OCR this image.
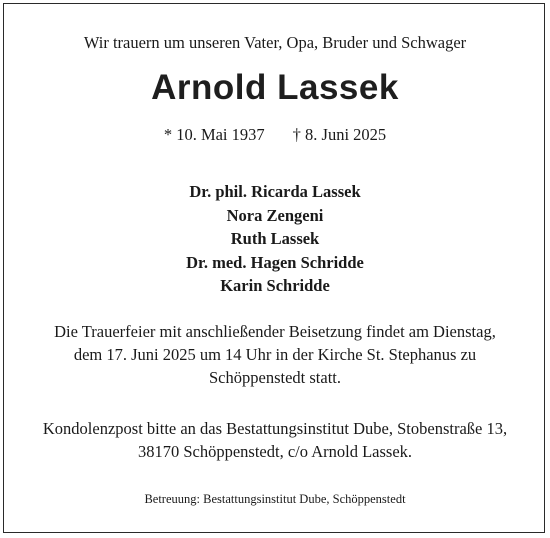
Wir trauern um unseren Vater, Opa, Bruder und Schwager
Arnold Lassek
* 10. Mai 1937 † 8. Juni 2025
Dr. phil. Ricarda Lassek
Nora Zengeni
Ruth Lassek
Dr. med. Hagen Schridde
Karin Schridde
Die Trauerfeier mit anschließender Beisetzung findet am Dienstag,
dem 17. Juni 2025 um 14 Uhr in der Kirche St. Stephanus zu
Schöppenstedt statt.
Kondolenzpost bitte an das Bestattungsinstitut Dube, Stobenstraße 13,
38170 Schöppenstedt, c/o Arnold Lassek.
Betreuung: Bestattungsinstitut Dube, Schöppenstedt
